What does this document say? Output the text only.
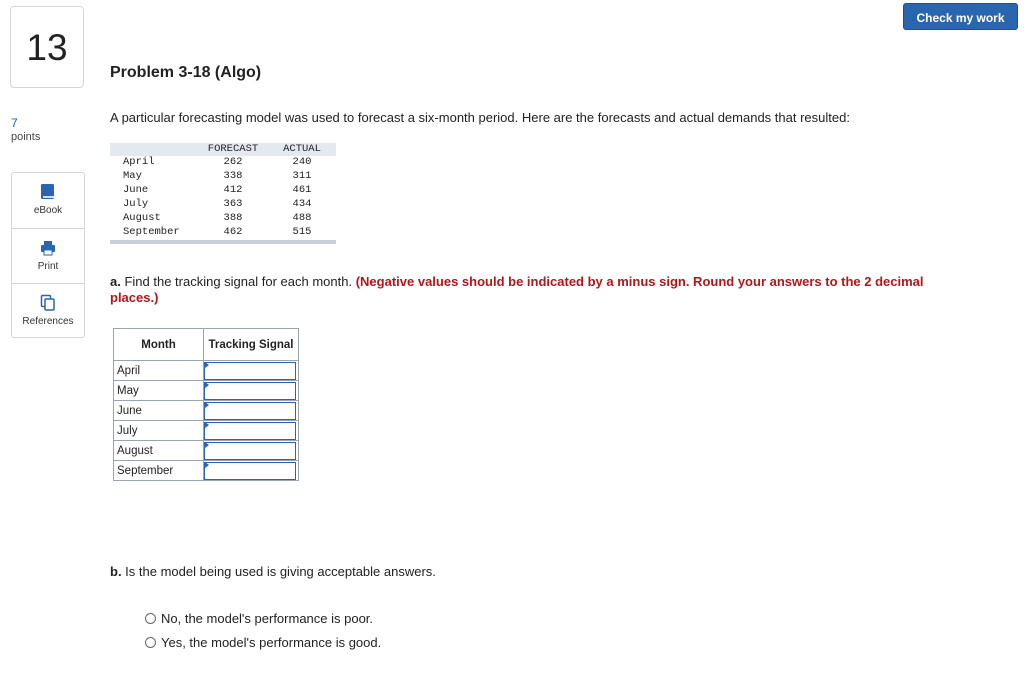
Check my work
13
7
points
eBook
Print
References
Problem 3-18 (Algo)
A particular forecasting model was used to forecast a six-month period. Here are the forecasts and actual demands that resulted:
FORECAST	ACTUAL
April	262	240
May	338	311
June	412	461
July	363	434
August	388	488
September	462	515
a. Find the tracking signal for each month. (Negative values should be indicated by a minus sign. Round your answers to the 2 decimal places.)
Month	Tracking Signal
April	

May	

June	

July	

August	

September	
b. Is the model being used is giving acceptable answers.
No, the model's performance is poor.
Yes, the model's performance is good.
